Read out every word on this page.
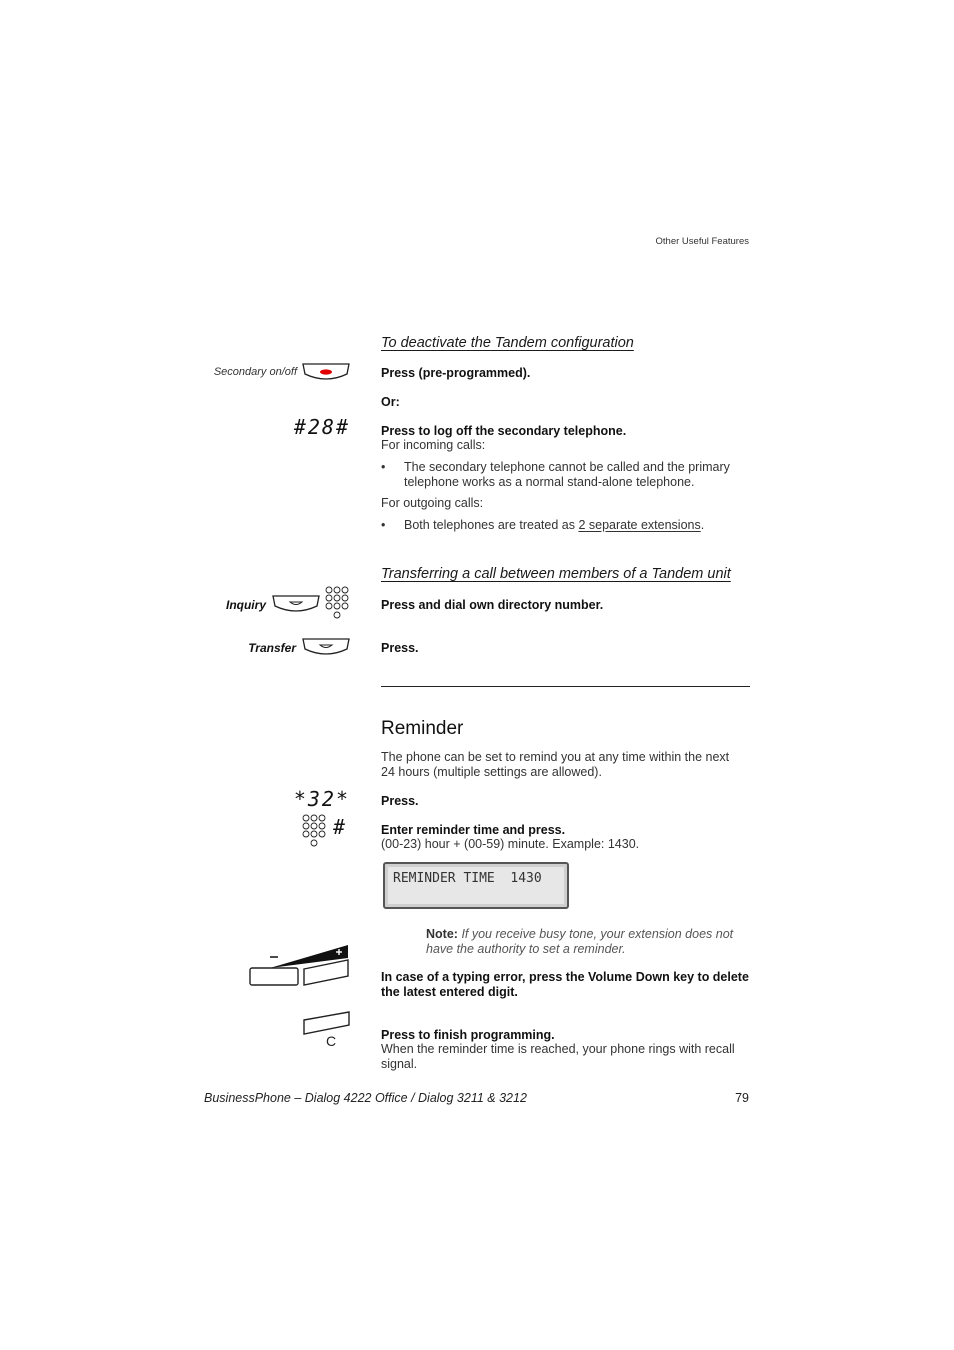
Other Useful Features
To deactivate the Tandem configuration
Secondary on/off	Press (pre-programmed).
Or:
#28# Press to log off the secondary telephone.
For incoming calls:
• The secondary telephone cannot be called and the primary telephone works as a normal stand-alone telephone.
For outgoing calls:
• Both telephones are treated as 2 separate extensions.
Transferring a call between members of a Tandem unit
Inquiry	Press and dial own directory number.
Transfer	Press.
Reminder
The phone can be set to remind you at any time within the next 24 hours (multiple settings are allowed).
*32* Press.
#	Enter reminder time and press.
(00-23) hour + (00-59) minute. Example: 1430.
REMINDER TIME  1430
Note: If you receive busy tone, your extension does not have the authority to set a reminder.
In case of a typing error, press the Volume Down key to delete the latest entered digit.
C	Press to finish programming.
When the reminder time is reached, your phone rings with recall signal.
BusinessPhone – Dialog 4222 Office / Dialog 3211 & 3212	79
